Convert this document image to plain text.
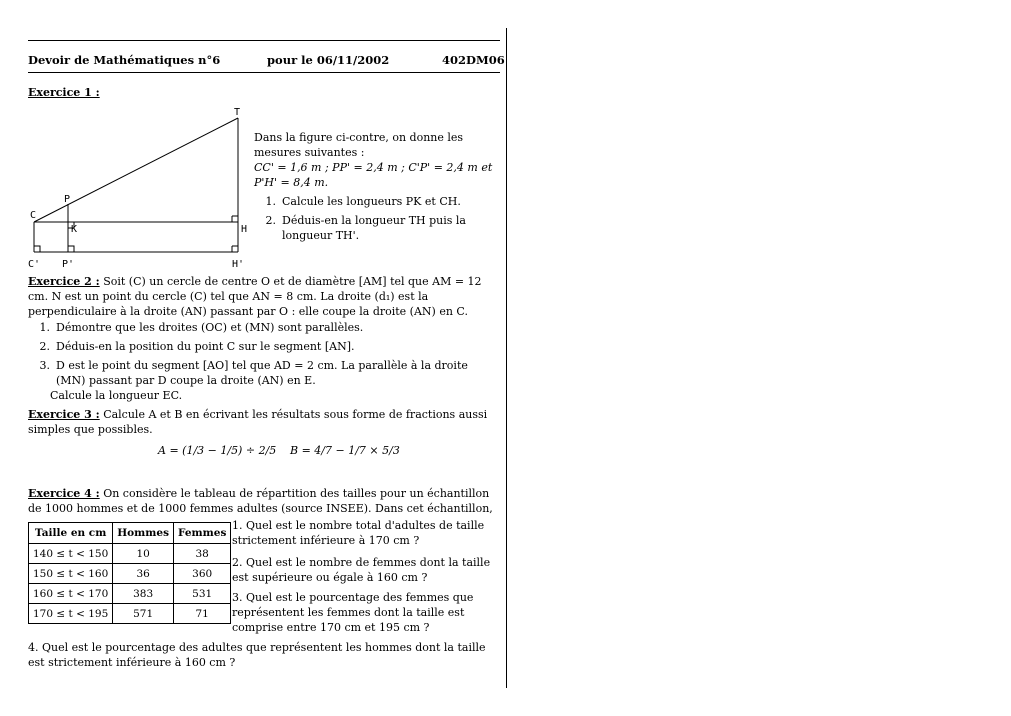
Devoir de Mathématiques n°6	pour le 06/11/2002	402DM06
Exercice 1 :
T
P
C
K	H
C' P'	H'
Dans la figure ci-contre, on donne les mesures suivantes :
CC' = 1,6 m ; PP' = 2,4 m ; C'P' = 2,4 m et
P'H' = 8,4 m.
1. Calcule les longueurs PK et CH.
2. Déduis-en la longueur TH puis la longueur TH'.
Exercice 2 : Soit (C) un cercle de centre O et de diamètre [AM] tel que AM = 12 cm. N est un point du cercle (C) tel que AN = 8 cm. La droite (d₁) est la perpendiculaire à la droite (AN) passant par O : elle coupe la droite (AN) en C.
1. Démontre que les droites (OC) et (MN) sont parallèles.
2. Déduis-en la position du point C sur le segment [AN].
3. D est le point du segment [AO] tel que AD = 2 cm. La parallèle à la droite (MN) passant par D coupe la droite (AN) en E.
Calcule la longueur EC.
Exercice 3 : Calcule A et B en écrivant les résultats sous forme de fractions aussi simples que possibles.
A = (1/3 − 1/5) ÷ 2/5 B = 4/7 − 1/7 × 5/3
Exercice 4 : On considère le tableau de répartition des tailles pour un échantillon de 1000 hommes et de 1000 femmes adultes (source INSEE). Dans cet échantillon,
Taille en cm	Hommes	Femmes
140 ≤ t < 150	10	38
150 ≤ t < 160	36	360
160 ≤ t < 170	383	531
170 ≤ t < 195	571	71
1. Quel est le nombre total d'adultes de taille strictement inférieure à 170 cm ?
2. Quel est le nombre de femmes dont la taille est supérieure ou égale à 160 cm ?
3. Quel est le pourcentage des femmes que représentent les femmes dont la taille est comprise entre 170 cm et 195 cm ?
4. Quel est le pourcentage des adultes que représentent les hommes dont la taille est strictement inférieure à 160 cm ?
